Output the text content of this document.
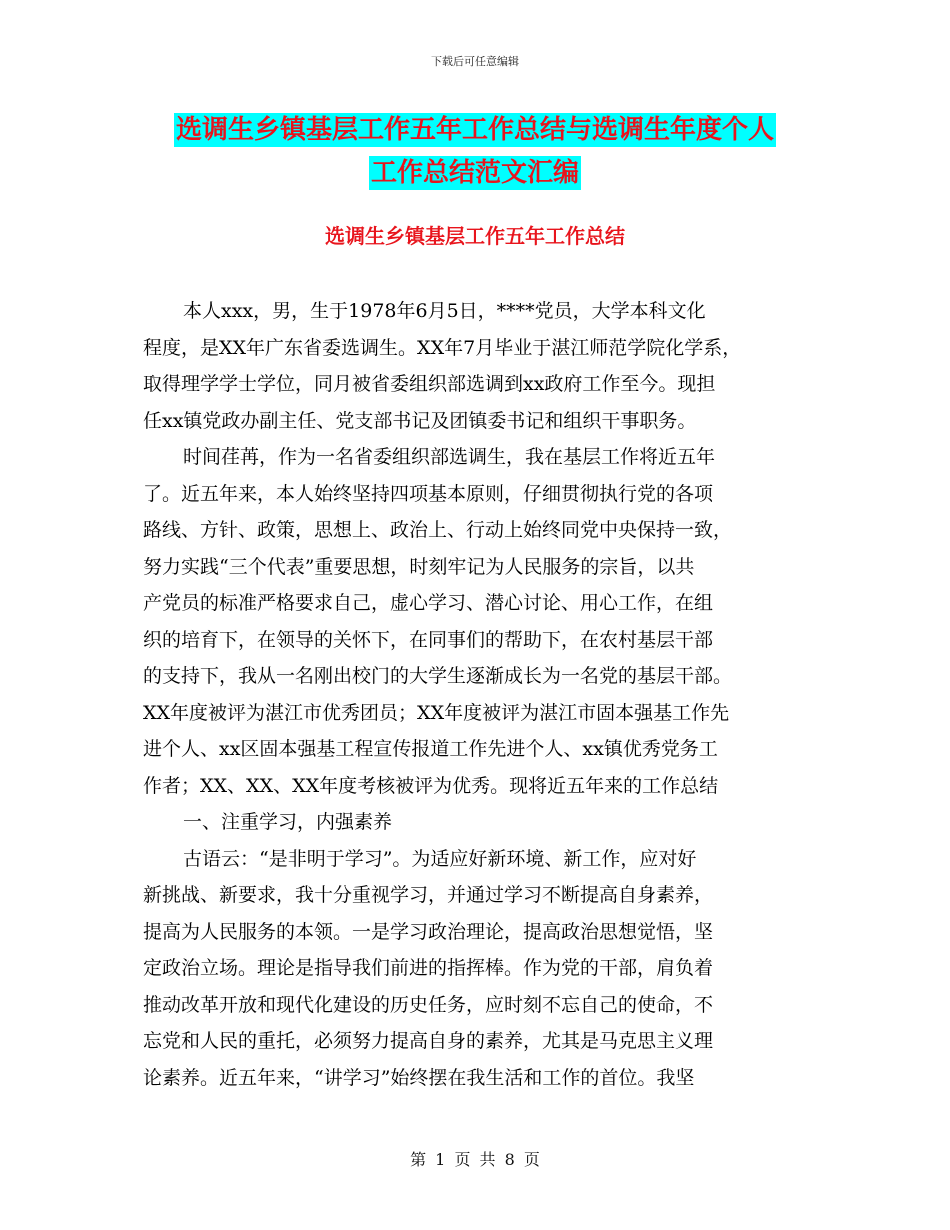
下载后可任意编辑
选调生乡镇基层工作五年工作总结与选调生年度个人
工作总结范文汇编
选调生乡镇基层工作五年工作总结
本人xxx，男，生于1978年6月5日，****党员，大学本科文化
程度，是XX年广东省委选调生。XX年7月毕业于湛江师范学院化学系，
取得理学学士学位，同月被省委组织部选调到xx政府工作至今。现担
任xx镇党政办副主任、党支部书记及团镇委书记和组织干事职务。
时间荏苒，作为一名省委组织部选调生，我在基层工作将近五年
了。近五年来，本人始终坚持四项基本原则，仔细贯彻执行党的各项
路线、方针、政策，思想上、政治上、行动上始终同党中央保持一致，
努力实践“三个代表”重要思想，时刻牢记为人民服务的宗旨，以共
产党员的标准严格要求自己，虚心学习、潜心讨论、用心工作，在组
织的培育下，在领导的关怀下，在同事们的帮助下，在农村基层干部
的支持下，我从一名刚出校门的大学生逐渐成长为一名党的基层干部。
XX年度被评为湛江市优秀团员；XX年度被评为湛江市固本强基工作先
进个人、xx区固本强基工程宣传报道工作先进个人、xx镇优秀党务工
作者；XX、XX、XX年度考核被评为优秀。现将近五年来的工作总结
一、注重学习，内强素养
古语云：“是非明于学习”。为适应好新环境、新工作，应对好
新挑战、新要求，我十分重视学习，并通过学习不断提高自身素养，
提高为人民服务的本领。一是学习政治理论，提高政治思想觉悟，坚
定政治立场。理论是指导我们前进的指挥棒。作为党的干部，肩负着
推动改革开放和现代化建设的历史任务，应时刻不忘自己的使命，不
忘党和人民的重托，必须努力提高自身的素养，尤其是马克思主义理
论素养。近五年来，“讲学习”始终摆在我生活和工作的首位。我坚
第 1 页 共 8 页
